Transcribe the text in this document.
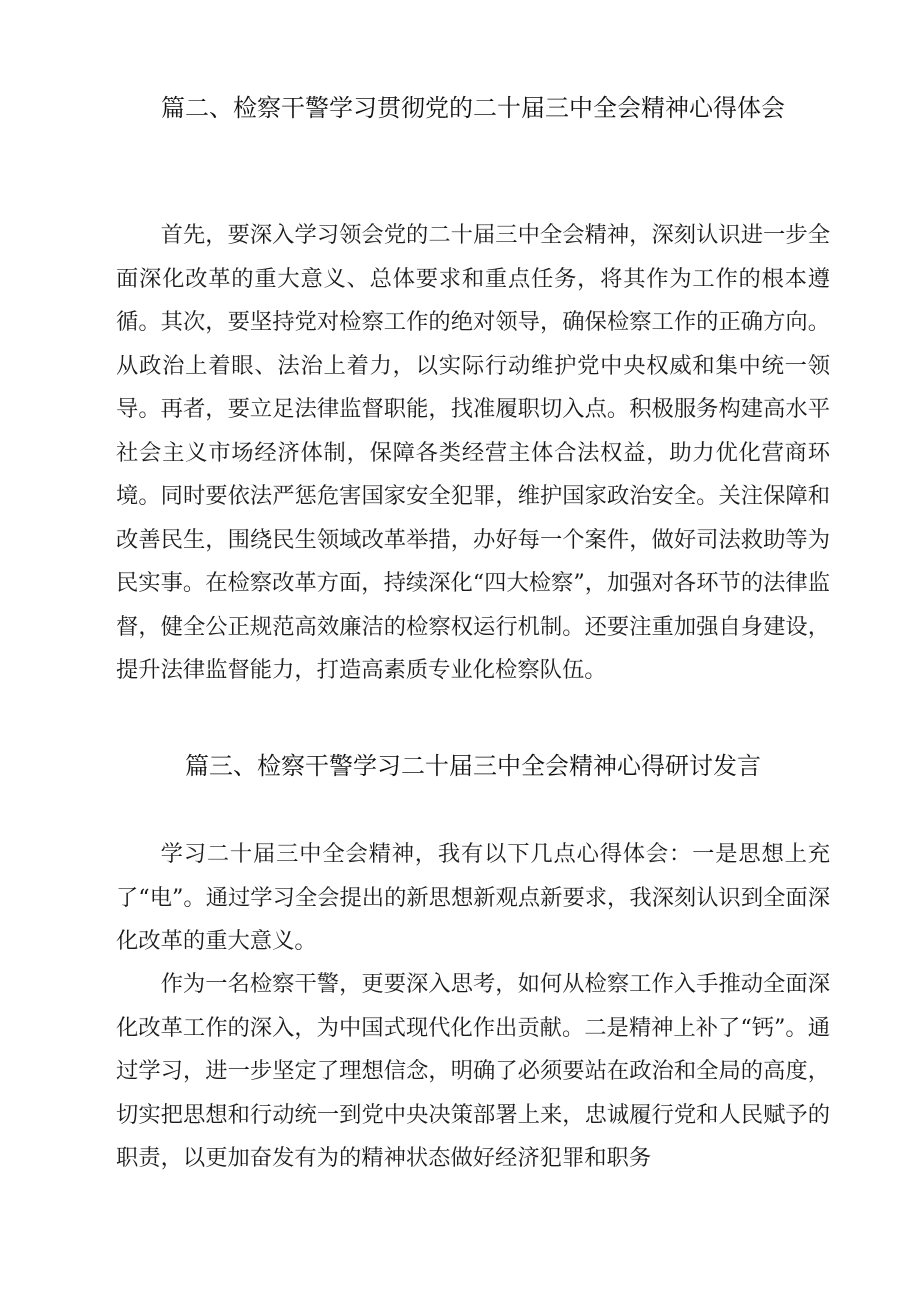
篇二、检察干警学习贯彻党的二十届三中全会精神心得体会

首先，要深入学习领会党的二十届三中全会精神，深刻认识进一步全面深化改革的重大意义、总体要求和重点任务，将其作为工作的根本遵循。其次，要坚持党对检察工作的绝对领导，确保检察工作的正确方向。从政治上着眼、法治上着力，以实际行动维护党中央权威和集中统一领导。再者，要立足法律监督职能，找准履职切入点。积极服务构建高水平社会主义市场经济体制，保障各类经营主体合法权益，助力优化营商环境。同时要依法严惩危害国家安全犯罪，维护国家政治安全。关注保障和改善民生，围绕民生领域改革举措，办好每一个案件，做好司法救助等为民实事。在检察改革方面，持续深化“四大检察”，加强对各环节的法律监督，健全公正规范高效廉洁的检察权运行机制。还要注重加强自身建设，提升法律监督能力，打造高素质专业化检察队伍。

篇三、检察干警学习二十届三中全会精神心得研讨发言

学习二十届三中全会精神，我有以下几点心得体会：一是思想上充了“电”。通过学习全会提出的新思想新观点新要求，我深刻认识到全面深化改革的重大意义。

作为一名检察干警，更要深入思考，如何从检察工作入手推动全面深化改革工作的深入，为中国式现代化作出贡献。二是精神上补了“钙”。通过学习，进一步坚定了理想信念，明确了必须要站在政治和全局的高度，切实把思想和行动统一到党中央决策部署上来，忠诚履行党和人民赋予的职责，以更加奋发有为的精神状态做好经济犯罪和职务
